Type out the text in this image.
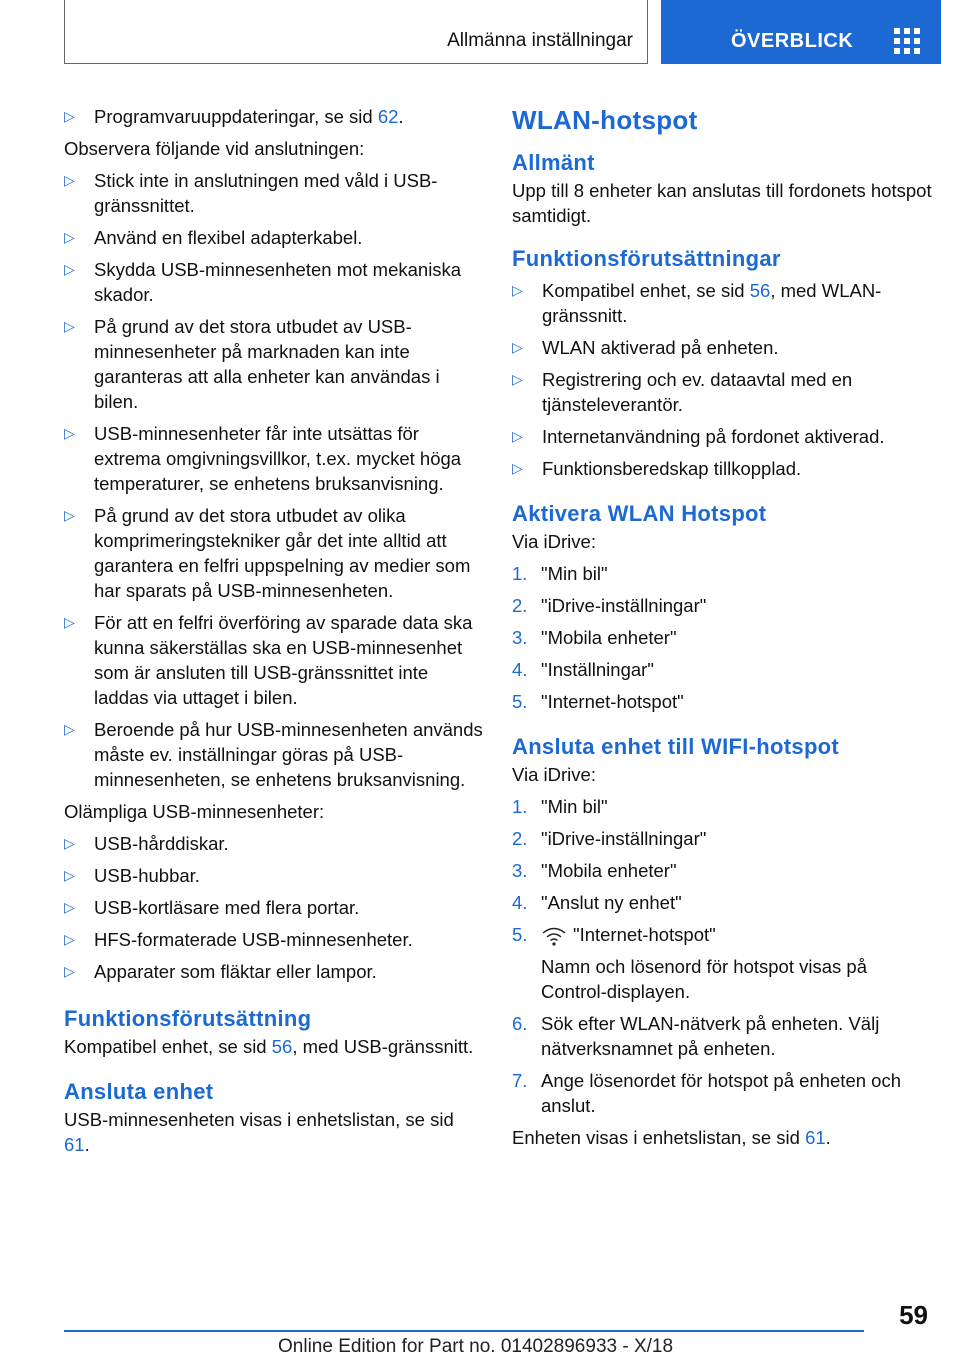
Allmänna inställningar	ÖVERBLICK
▷ Programvaruuppdateringar, se sid 62.

Observera följande vid anslutningen:

▷ Stick inte in anslutningen med våld i USB-gränssnittet.
▷ Använd en flexibel adapterkabel.
▷ Skydda USB-minnesenheten mot mekaniska skador.
▷ På grund av det stora utbudet av USB-minnesenheter på marknaden kan inte garanteras att alla enheter kan användas i bilen.
▷ USB-minnesenheter får inte utsättas för extrema omgivningsvillkor, t.ex. mycket höga temperaturer, se enhetens bruksanvisning.
▷ På grund av det stora utbudet av olika komprimeringstekniker går det inte alltid att garantera en felfri uppspelning av medier som har sparats på USB-minnesenheten.
▷ För att en felfri överföring av sparade data ska kunna säkerställas ska en USB-minnesenhet som är ansluten till USB-gränssnittet inte laddas via uttaget i bilen.
▷ Beroende på hur USB-minnesenheten används måste ev. inställningar göras på USB-minnesenheten, se enhetens bruksanvisning.

Olämpliga USB-minnesenheter:

▷ USB-hårddiskar.
▷ USB-hubbar.
▷ USB-kortläsare med flera portar.
▷ HFS-formaterade USB-minnesenheter.
▷ Apparater som fläktar eller lampor.
Funktionsförutsättning

Kompatibel enhet, se sid 56, med USB-gränssnitt.

Ansluta enhet

USB-minnesenheten visas i enhetslistan, se sid 61.

WLAN-hotspot
Allmänt

Upp till 8 enheter kan anslutas till fordonets hotspot samtidigt.

Funktionsförutsättningar
▷ Kompatibel enhet, se sid 56, med WLAN-gränssnitt.
▷ WLAN aktiverad på enheten.
▷ Registrering och ev. dataavtal med en tjänsteleverantör.
▷ Internetanvändning på fordonet aktiverad.
▷ Funktionsberedskap tillkopplad.
Aktivera WLAN Hotspot

Via iDrive:

1. "Min bil"
2. "iDrive-inställningar"
3. "Mobila enheter"
4. "Inställningar"
5. "Internet-hotspot"
Ansluta enhet till WIFI-hotspot

Via iDrive:

1. "Min bil"
2. "iDrive-inställningar"
3. "Mobila enheter"
4. "Anslut ny enhet"
5. "Internet-hotspot"

Namn och lösenord för hotspot visas på Control-displayen.

6. Sök efter WLAN-nätverk på enheten. Välj nätverksnamnet på enheten.
7. Ange lösenordet för hotspot på enheten och anslut.

Enheten visas i enhetslistan, se sid 61.

59
Online Edition for Part no. 01402896933 - X/18
